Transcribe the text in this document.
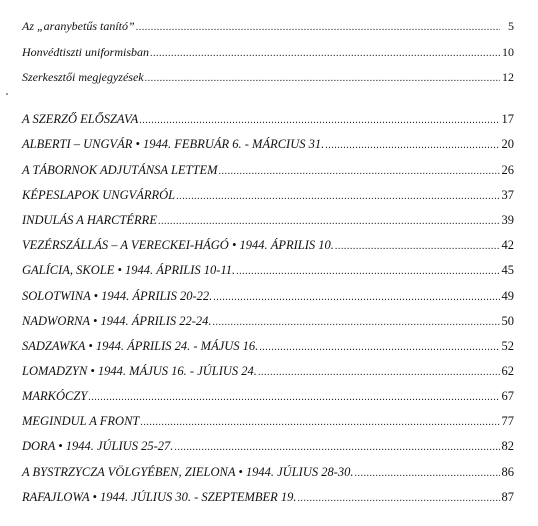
Az „aranybetűs tanító” .....	5
Honvédtiszti uniformisban .....	10
Szerkesztői megjegyzések .....	12
A SZERZŐ ELŐSZAVA .....	17
ALBERTI – UNGVÁR • 1944. FEBRUÁR 6. - MÁRCIUS 31. .....	20
A TÁBORNOK ADJUTÁNSA LETTEM .....	26
KÉPESLAPOK UNGVÁRRÓL .....	37
INDULÁS A HARCTÉRRE .....	39
VEZÉRSZÁLLÁS – A VERECKEI-HÁGÓ • 1944. ÁPRILIS 10. .....	42
GALÍCIA, SKOLE • 1944. ÁPRILIS 10-11. .....	45
SOLOTWINA • 1944. ÁPRILIS 20-22. .....	49
NADWORNA • 1944. ÁPRILIS 22-24. .....	50
SADZAWKA • 1944. ÁPRILIS 24. - MÁJUS 16. .....	52
LOMADZYN • 1944. MÁJUS 16. - JÚLIUS 24. .....	62
MARKÓCZY .....	67
MEGINDUL A FRONT .....	77
DORA • 1944. JÚLIUS 25-27. .....	82
A BYSTRZYCZA VÖLGYÉBEN, ZIELONA • 1944. JÚLIUS 28-30. .....	86
RAFAJLOWA • 1944. JÚLIUS 30. - SZEPTEMBER 19. .....	87
